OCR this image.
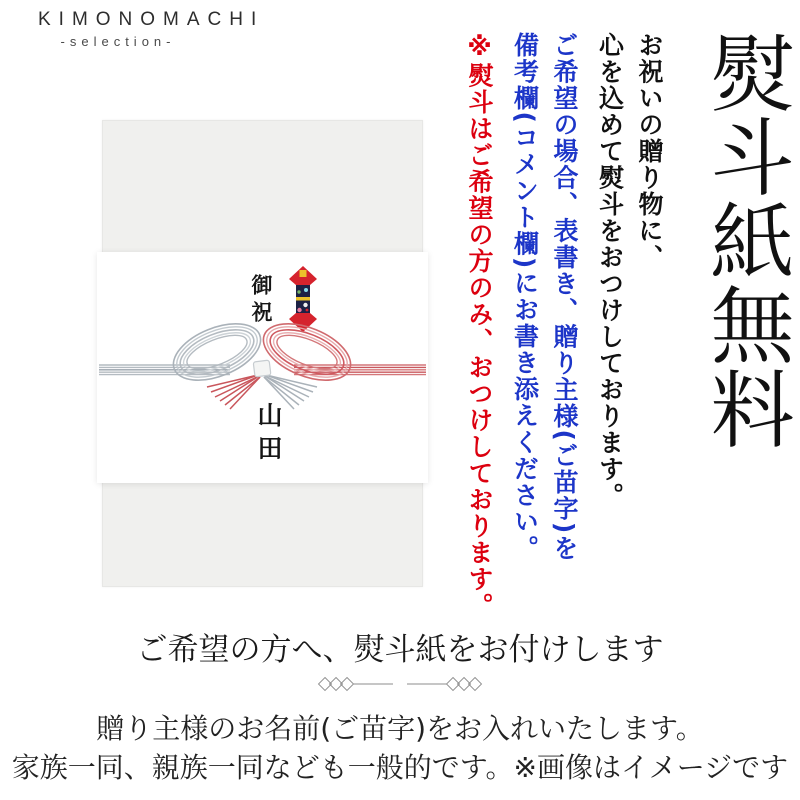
KIMONOMACHI
-selection-	熨斗紙無料
お祝いの贈り物に、
心を込めて熨斗をおつけしております。
ご希望の場合、表書き、贈り主様(ご苗字)を
備考欄(コメント欄)にお書き添えください。
※熨斗はご希望の方のみ、おつけしております。
御祝
山田
ご希望の方へ、熨斗紙をお付けします
贈り主様のお名前(ご苗字)をお入れいたします。
家族一同、親族一同なども一般的です。※画像はイメージです
